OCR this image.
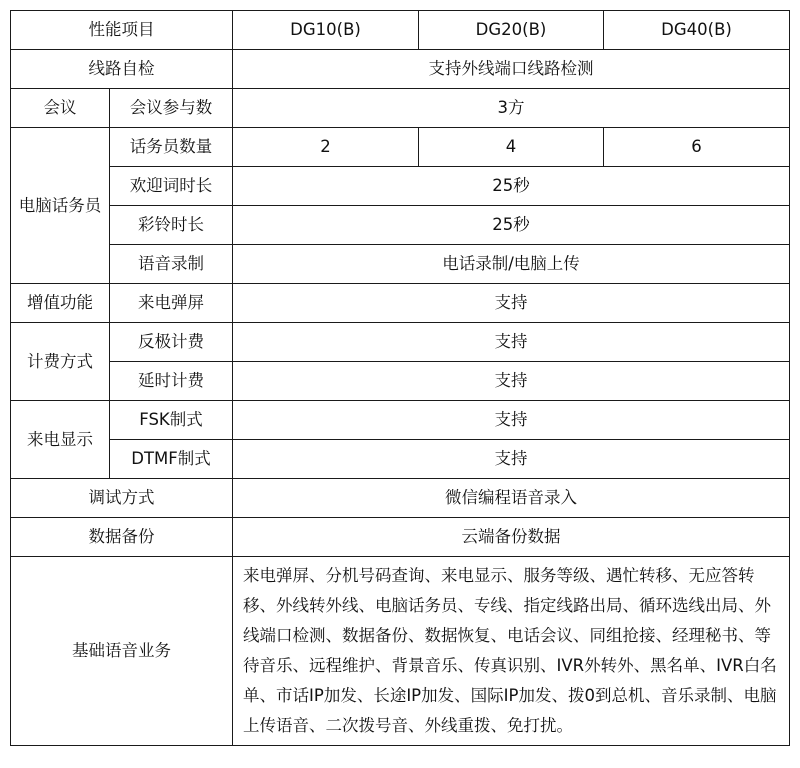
性能项目		DG10(B)	DG20(B)	DG40(B)
线路自检		支持外线端口线路检测		
会议	会议参与数	3方		
电脑话务员	话务员数量	2	4	6
	欢迎词时长	25秒		
	彩铃时长	25秒		
	语音录制	电话录制/电脑上传		
增值功能	来电弹屏	支持		
计费方式	反极计费	支持		
	延时计费	支持		
来电显示	FSK制式	支持		
	DTMF制式	支持		
调试方式		微信编程语音录入		
数据备份		云端备份数据		
基础语音业务		来电弹屏、分机号码查询、来电显示、服务等级、遇忙转移、无应答转移、外线转外线、电脑话务员、专线、指定线路出局、循环选线出局、外线端口检测、数据备份、数据恢复、电话会议、同组抢接、经理秘书、等待音乐、远程维护、背景音乐、传真识别、IVR外转外、黑名单、IVR白名单、市话IP加发、长途IP加发、国际IP加发、拨0到总机、音乐录制、电脑上传语音、二次拨号音、外线重拨、免打扰。		
